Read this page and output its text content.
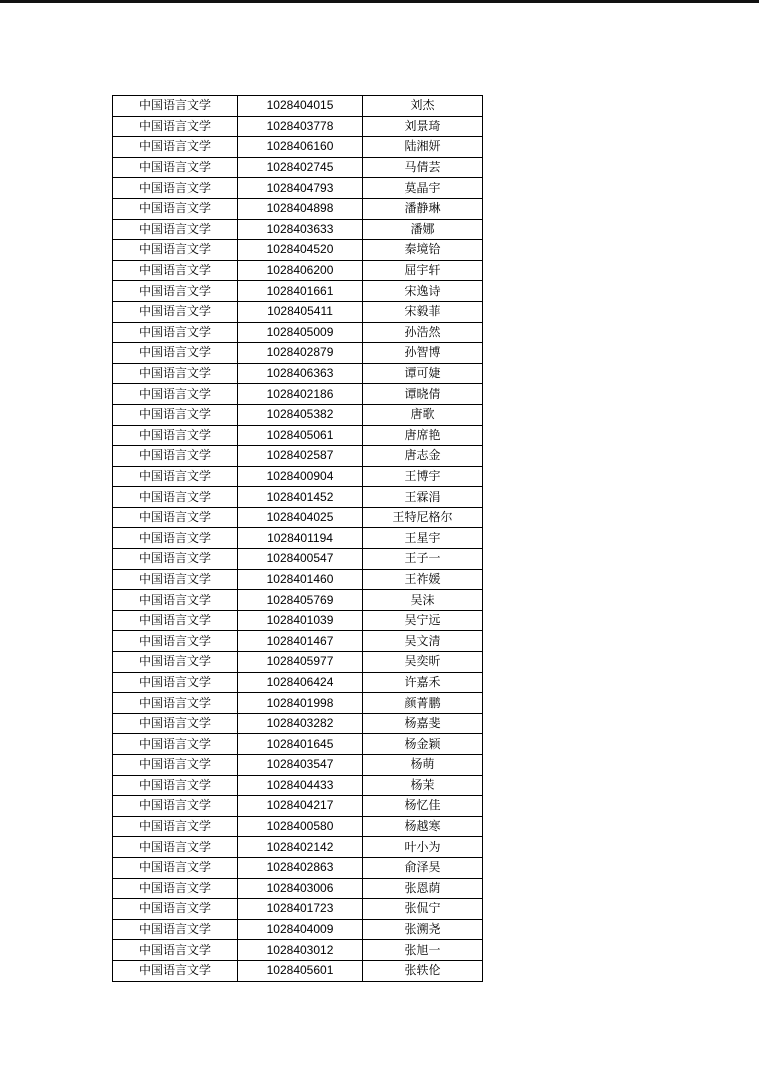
中国语言文学	1028404015	刘杰
中国语言文学	1028403778	刘景琦
中国语言文学	1028406160	陆湘妍
中国语言文学	1028402745	马倩芸
中国语言文学	1028404793	莫晶宇
中国语言文学	1028404898	潘静琳
中国语言文学	1028403633	潘娜
中国语言文学	1028404520	秦境铪
中国语言文学	1028406200	屈宇轩
中国语言文学	1028401661	宋逸诗
中国语言文学	1028405411	宋毅菲
中国语言文学	1028405009	孙浩然
中国语言文学	1028402879	孙智博
中国语言文学	1028406363	谭可婕
中国语言文学	1028402186	谭晓倩
中国语言文学	1028405382	唐歌
中国语言文学	1028405061	唐席艳
中国语言文学	1028402587	唐志金
中国语言文学	1028400904	王博宇
中国语言文学	1028401452	王霖涓
中国语言文学	1028404025	王特尼格尔
中国语言文学	1028401194	王星宇
中国语言文学	1028400547	王子一
中国语言文学	1028401460	王祚媛
中国语言文学	1028405769	吴沫
中国语言文学	1028401039	吴宁远
中国语言文学	1028401467	吴文清
中国语言文学	1028405977	吴奕昕
中国语言文学	1028406424	许嘉禾
中国语言文学	1028401998	颜菁鹏
中国语言文学	1028403282	杨嘉斐
中国语言文学	1028401645	杨金颖
中国语言文学	1028403547	杨萌
中国语言文学	1028404433	杨茉
中国语言文学	1028404217	杨忆佳
中国语言文学	1028400580	杨越寒
中国语言文学	1028402142	叶小为
中国语言文学	1028402863	俞泽昊
中国语言文学	1028403006	张恩荫
中国语言文学	1028401723	张侃宁
中国语言文学	1028404009	张溯尧
中国语言文学	1028403012	张旭一
中国语言文学	1028405601	张轶伦
